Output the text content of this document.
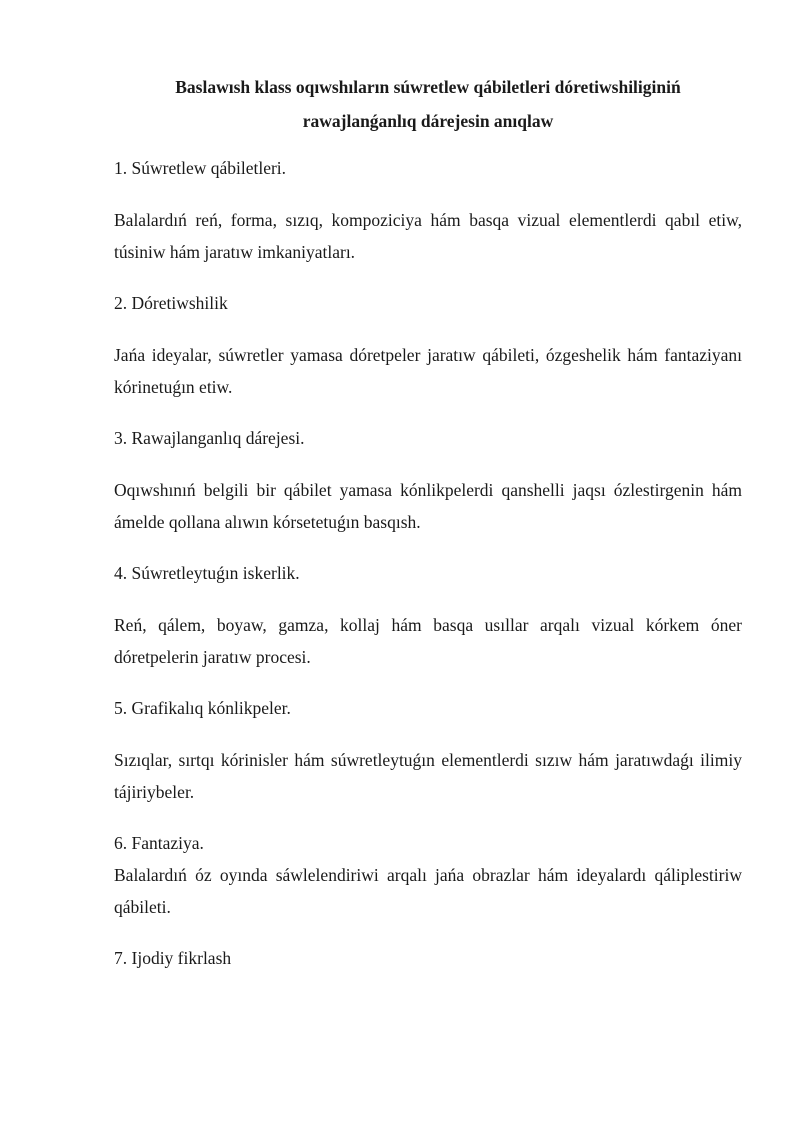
Baslawısh klass oqıwshıların súwretlew qábiletleri dóretiwshiliginiń
rawajlanǵanlıq dárejesin anıqlaw
1. Súwretlew qábiletleri.
Balalardıń reń, forma, sızıq, kompoziciya hám basqa vizual elementlerdi qabıl etiw, túsiniw hám jaratıw imkaniyatları.
2. Dóretiwshilik
Jańa ideyalar, súwretler yamasa dóretpeler jaratıw qábileti, ózgeshelik hám fantaziyanı kórinetuǵın etiw.
3. Rawajlanganlıq dárejesi.
Oqıwshınıń belgili bir qábilet yamasa kónlikpelerdi qanshelli jaqsı ózlestirgenin hám ámelde qollana alıwın kórsetetuǵın basqısh.
4. Súwretleytuǵın iskerlik.
Reń, qálem, boyaw, gamza, kollaj hám basqa usıllar arqalı vizual kórkem óner dóretpelerin jaratıw procesi.
5. Grafikalıq kónlikpeler.
Sızıqlar, sırtqı kórinisler hám súwretleytuǵın elementlerdi sızıw hám jaratıwdaǵı ilimiy tájiriybeler.
6. Fantaziya.
Balalardıń óz oyında sáwlelendiriwi arqalı jańa obrazlar hám ideyalardı qáliplestiriw qábileti.
7. Ijodiy fikrlash
